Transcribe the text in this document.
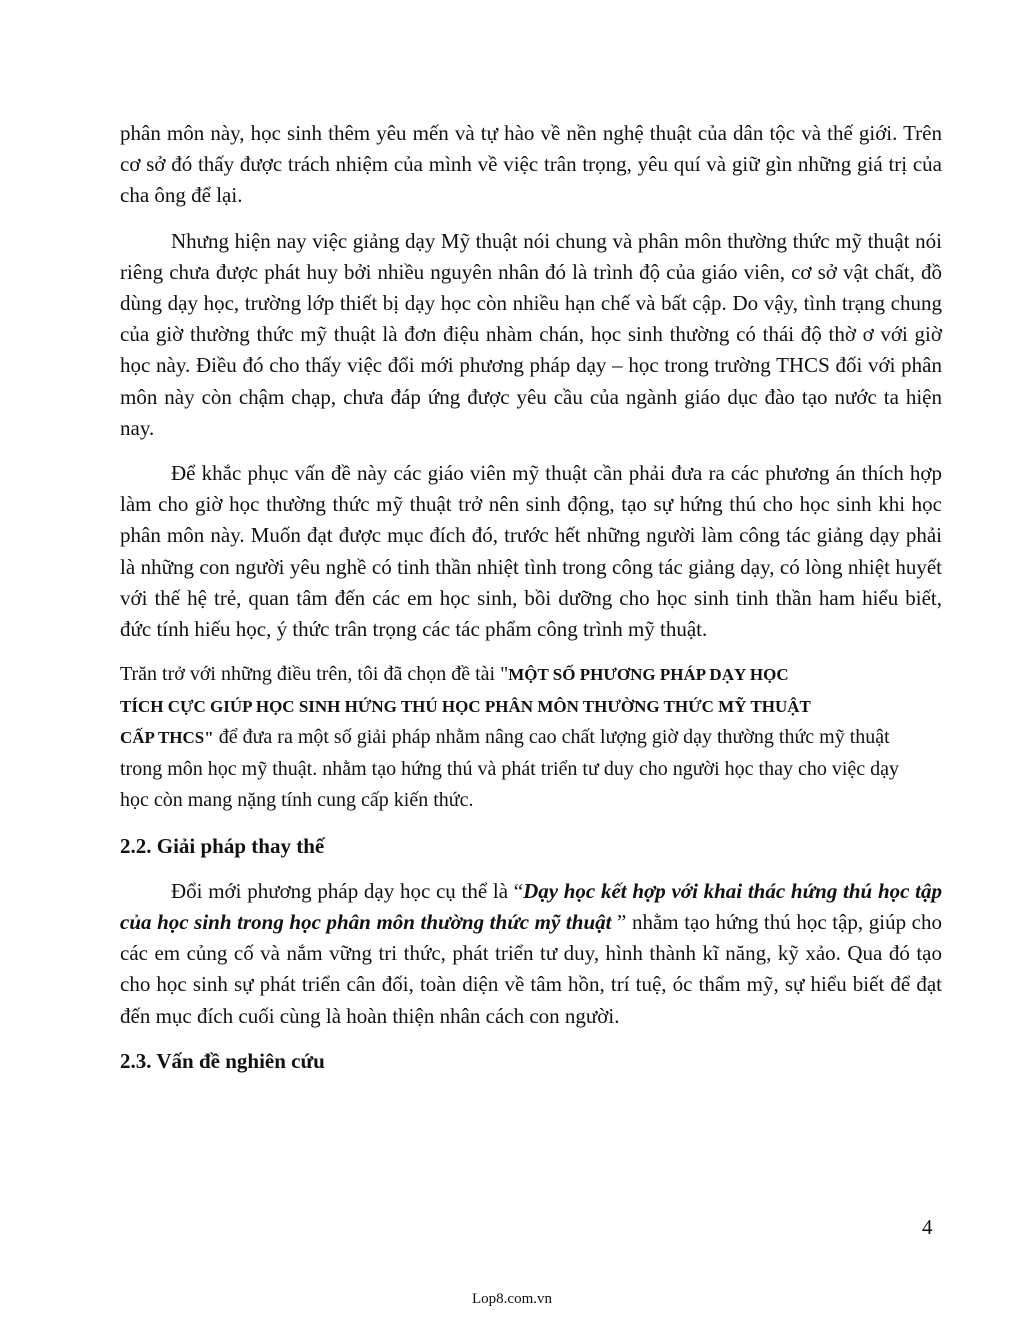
phân môn này, học sinh thêm yêu mến và tự hào về nền nghệ thuật của dân tộc và thế giới. Trên cơ sở đó thấy được trách nhiệm của mình về việc trân trọng, yêu quí và giữ gìn những giá trị của cha ông để lại.

Nhưng hiện nay việc giảng dạy Mỹ thuật nói chung và phân môn thường thức mỹ thuật nói riêng chưa được phát huy bởi nhiều nguyên nhân đó là trình độ của giáo viên, cơ sở vật chất, đồ dùng dạy học, trường lớp thiết bị dạy học còn nhiều hạn chế và bất cập. Do vậy, tình trạng chung của giờ thường thức mỹ thuật là đơn điệu nhàm chán, học sinh thường có thái độ thờ ơ với giờ học này. Điều đó cho thấy việc đổi mới phương pháp dạy – học trong trường THCS đối với phân môn này còn chậm chạp, chưa đáp ứng được yêu cầu của ngành giáo dục đào tạo nước ta hiện nay.

Để khắc phục vấn đề này các giáo viên mỹ thuật cần phải đưa ra các phương án thích hợp làm cho giờ học thường thức mỹ thuật trở nên sinh động, tạo sự hứng thú cho học sinh khi học phân môn này. Muốn đạt được mục đích đó, trước hết những người làm công tác giảng dạy phải là những con người yêu nghề có tinh thần nhiệt tình trong công tác giảng dạy, có lòng nhiệt huyết với thế hệ trẻ, quan tâm đến các em học sinh, bồi dưỡng cho học sinh tinh thần ham hiểu biết, đức tính hiếu học, ý thức trân trọng các tác phẩm công trình mỹ thuật.

Trăn trở với những điều trên, tôi đã chọn đề tài "MỘT SỐ PHƯƠNG PHÁP DẠY HỌC
TÍCH CỰC GIÚP HỌC SINH HỨNG THÚ HỌC PHÂN MÔN THƯỜNG THỨC MỸ THUẬT
CẤP THCS" để đưa ra một số giải pháp nhằm nâng cao chất lượng giờ dạy thường thức mỹ thuật trong môn học mỹ thuật. nhằm tạo hứng thú và phát triển tư duy cho người học thay cho việc dạy học còn mang nặng tính cung cấp kiến thức.

2.2. Giải pháp thay thế

Đổi mới phương pháp dạy học cụ thể là “Dạy học kết hợp với khai thác hứng thú học tập của học sinh trong học phân môn thường thức mỹ thuật ” nhằm tạo hứng thú học tập, giúp cho các em củng cố và nắm vững tri thức, phát triển tư duy, hình thành kĩ năng, kỹ xảo. Qua đó tạo cho học sinh sự phát triển cân đối, toàn diện về tâm hồn, trí tuệ, óc thẩm mỹ, sự hiểu biết để đạt đến mục đích cuối cùng là hoàn thiện nhân cách con người.

2.3. Vấn đề nghiên cứu

4
Lop8.com.vn
